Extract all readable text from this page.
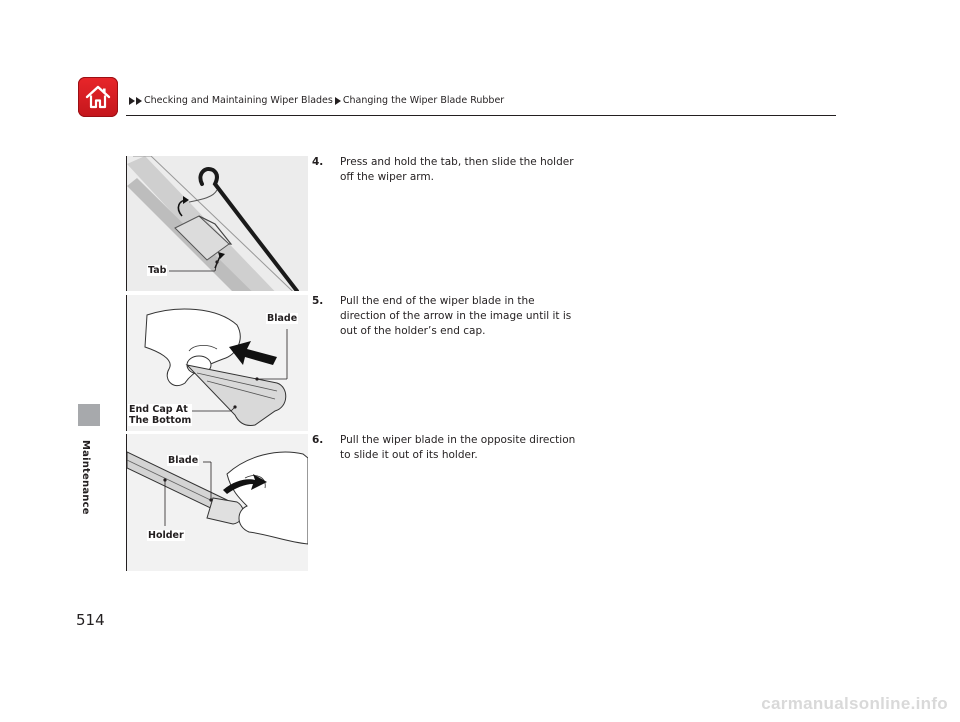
Checking and Maintaining Wiper Blades Changing the Wiper Blade Rubber
Maintenance
514
Tab
Blade
End Cap At
The Bottom
Blade
Holder
4. Press and hold the tab, then slide the holder off the wiper arm.
5. Pull the end of the wiper blade in the direction of the arrow in the image until it is out of the holder’s end cap.
6. Pull the wiper blade in the opposite direction to slide it out of its holder.
carmanualsonline.info
